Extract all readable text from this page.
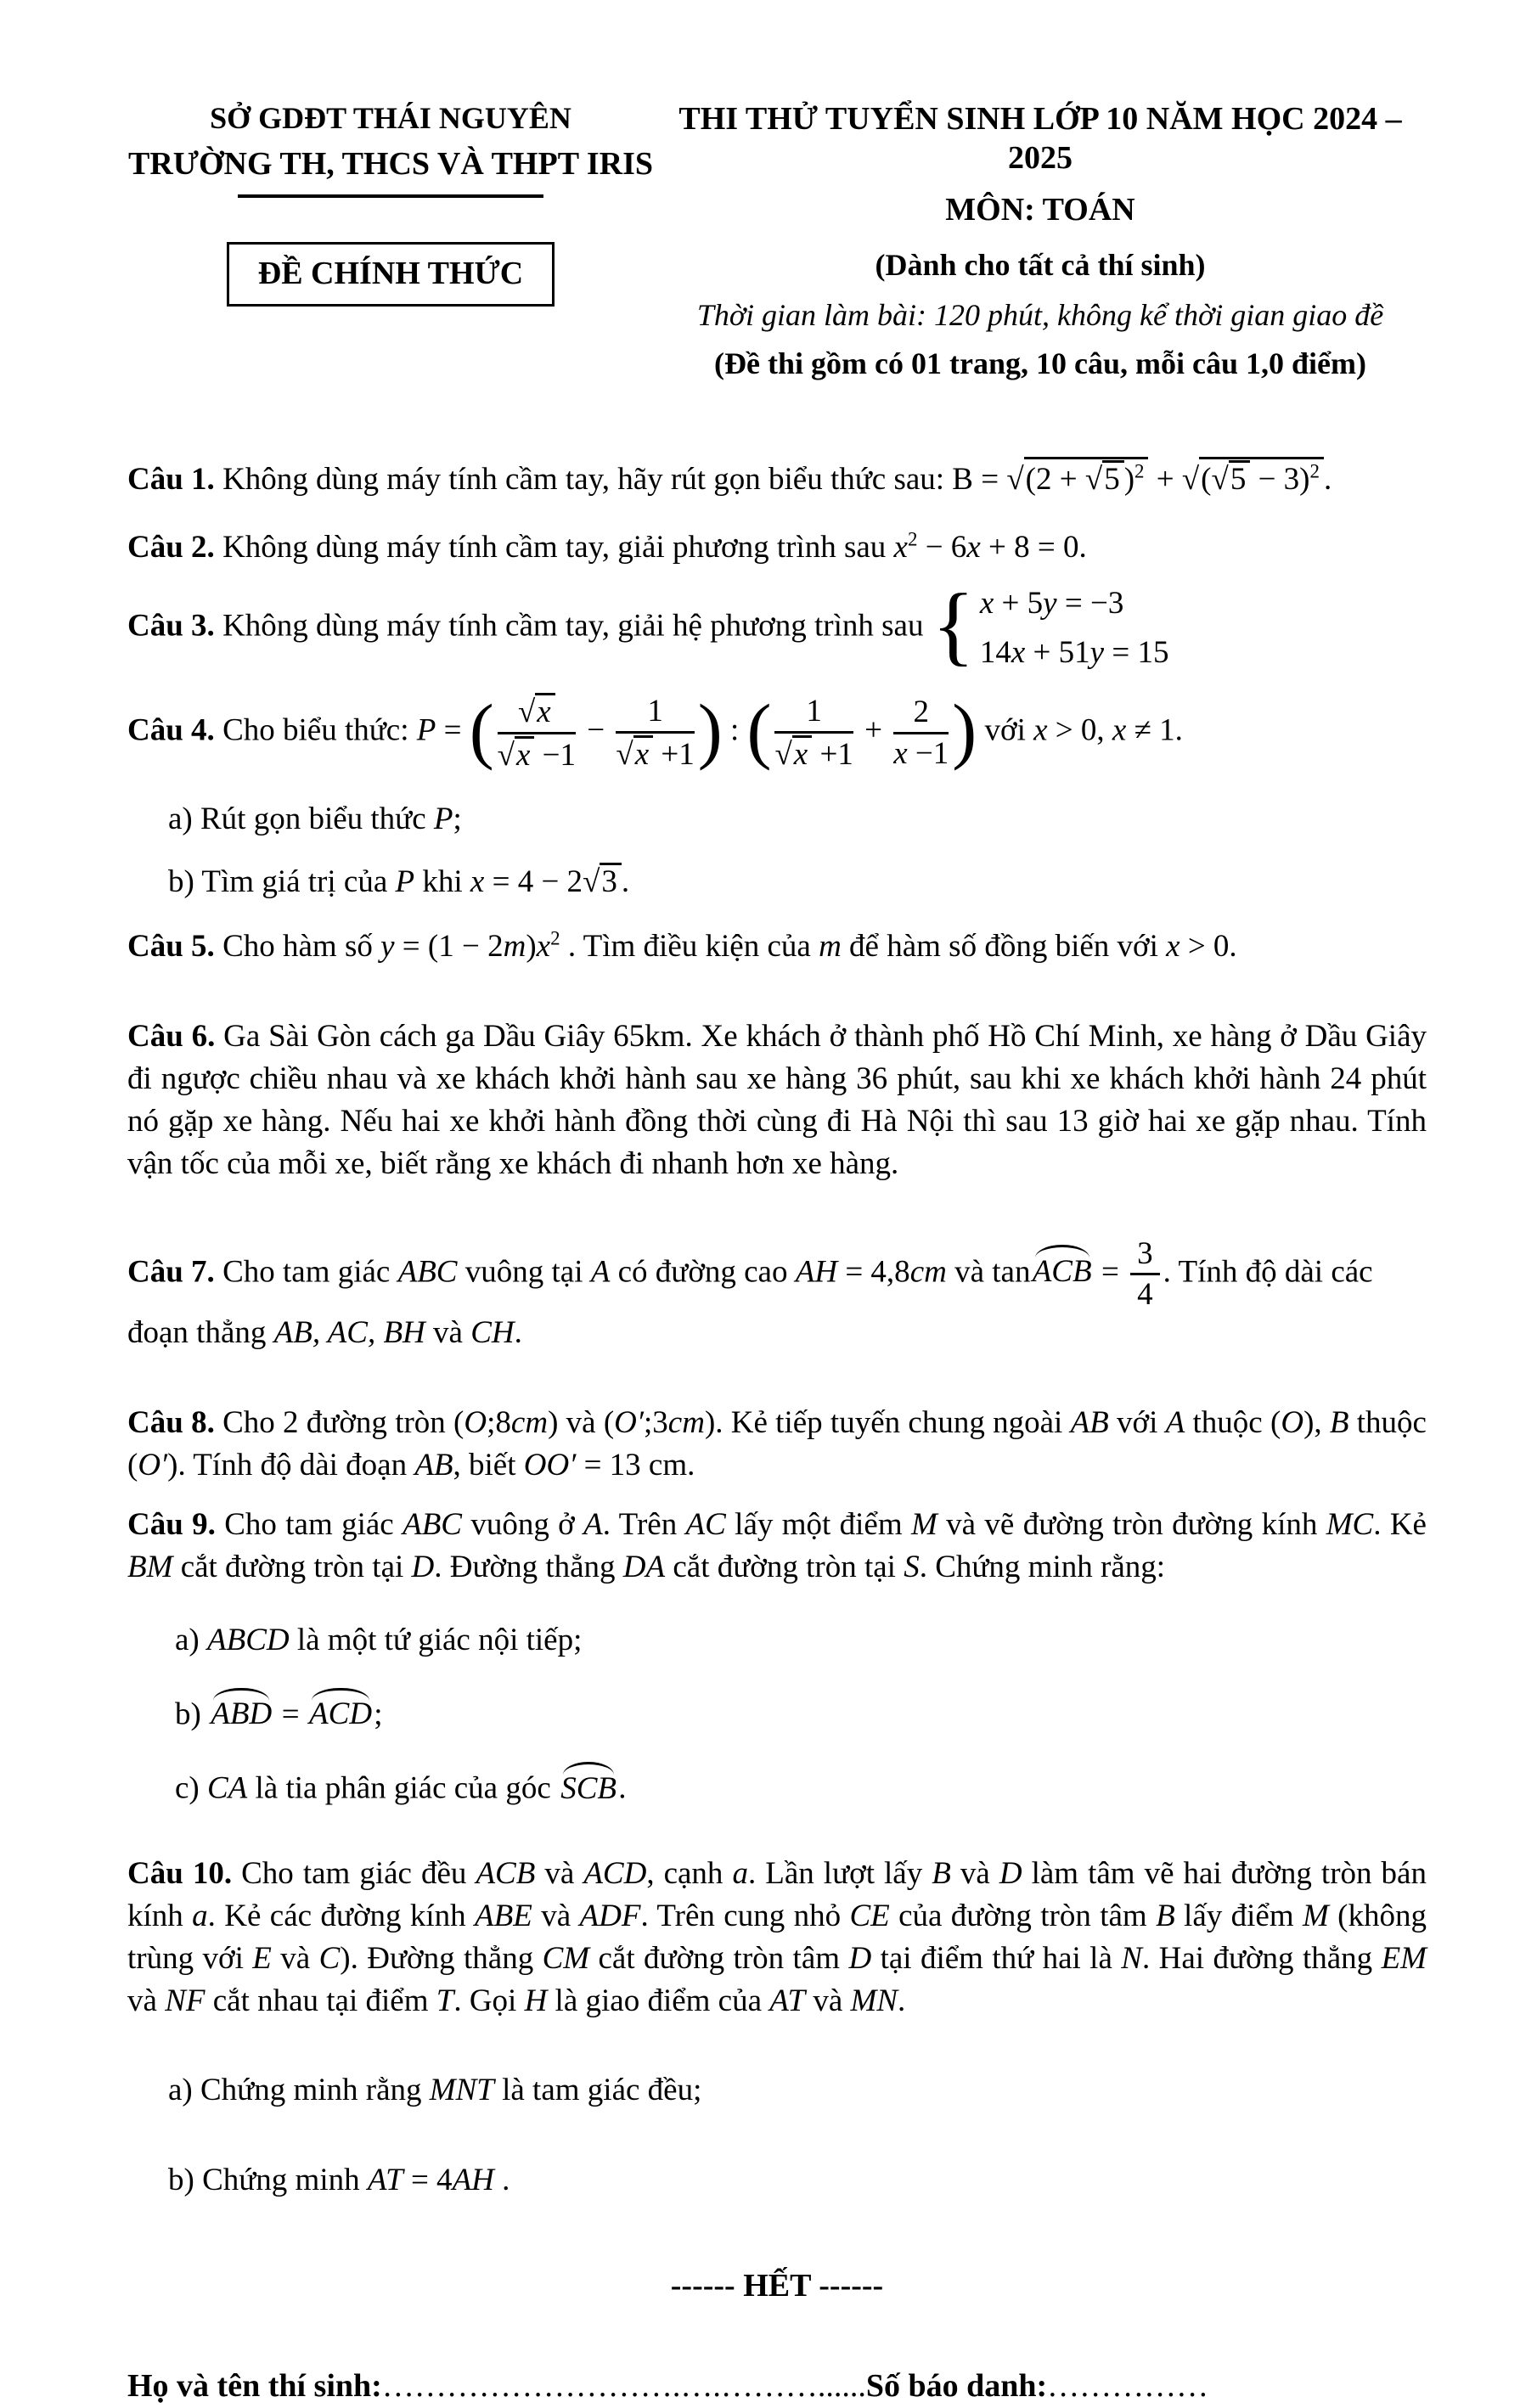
SỞ GDĐT THÁI NGUYÊN
TRƯỜNG TH, THCS VÀ THPT IRIS
ĐỀ CHÍNH THỨC
THI THỬ TUYỂN SINH LỚP 10 NĂM HỌC 2024 – 2025
MÔN: TOÁN
(Dành cho tất cả thí sinh)
Thời gian làm bài: 120 phút, không kể thời gian giao đề
(Đề thi gồm có 01 trang, 10 câu, mỗi câu 1,0 điểm)

Câu 1. Không dùng máy tính cầm tay, hãy rút gọn biểu thức sau: B = √(2 + √5 )$^2 + √(√5 - 3)^2$ .

Câu 2. Không dùng máy tính cầm tay, giải phương trình sau $x^2 - 6x + 8 = 0$.

Câu 3. Không dùng máy tính cầm tay, giải hệ phương trình sau { x + 5y = −3
14x + 51y = 15

Câu 4. Cho biểu thức: P = ( $\frac{√x}{√x -1} - \frac{1}{√x +1}$ ) : ( $\frac{1}{√x +1} + \frac{2}{x -1}$ ) với x > 0, x ≠ 1.

a) Rút gọn biểu thức P;

b) Tìm giá trị của P khi x = 4 − 2√3 .

Câu 5. Cho hàm số $y = (1 - 2m)x^2$ . Tìm điều kiện của m để hàm số đồng biến với x > 0.

Câu 6. Ga Sài Gòn cách ga Dầu Giây 65km. Xe khách ở thành phố Hồ Chí Minh, xe hàng ở Dầu Giây đi ngược chiều nhau và xe khách khởi hành sau xe hàng 36 phút, sau khi xe khách khởi hành 24 phút nó gặp xe hàng. Nếu hai xe khởi hành đồng thời cùng đi Hà Nội thì sau 13 giờ hai xe gặp nhau. Tính vận tốc của mỗi xe, biết rằng xe khách đi nhanh hơn xe hàng.

Câu 7. Cho tam giác ABC vuông tại A có đường cao AH = 4,8cm và tanACB = $\frac{3}{4}$ . Tính độ dài các đoạn thẳng AB, AC, BH và CH.

Câu 8. Cho 2 đường tròn (O;8cm) và (O′;3cm). Kẻ tiếp tuyến chung ngoài AB với A thuộc (O), B thuộc (O′). Tính độ dài đoạn AB, biết OO′ = 13 cm.

Câu 9. Cho tam giác ABC vuông ở A. Trên AC lấy một điểm M và vẽ đường tròn đường kính MC. Kẻ BM cắt đường tròn tại D. Đường thẳng DA cắt đường tròn tại S. Chứng minh rằng:

a) ABCD là một tứ giác nội tiếp;

b) ABD = ACD;

c) CA là tia phân giác của góc SCB.

Câu 10. Cho tam giác đều ACB và ACD, cạnh a. Lần lượt lấy B và D làm tâm vẽ hai đường tròn bán kính a. Kẻ các đường kính ABE và ADF. Trên cung nhỏ CE của đường tròn tâm B lấy điểm M (không trùng với E và C). Đường thẳng CM cắt đường tròn tâm D tại điểm thứ hai là N. Hai đường thẳng EM và NF cắt nhau tại điểm T. Gọi H là giao điểm của AT và MN.

a) Chứng minh rằng MNT là tam giác đều;

b) Chứng minh AT = 4AH .

------ HẾT ------

Họ và tên thí sinh:……………………….….………......Số báo danh:……………
